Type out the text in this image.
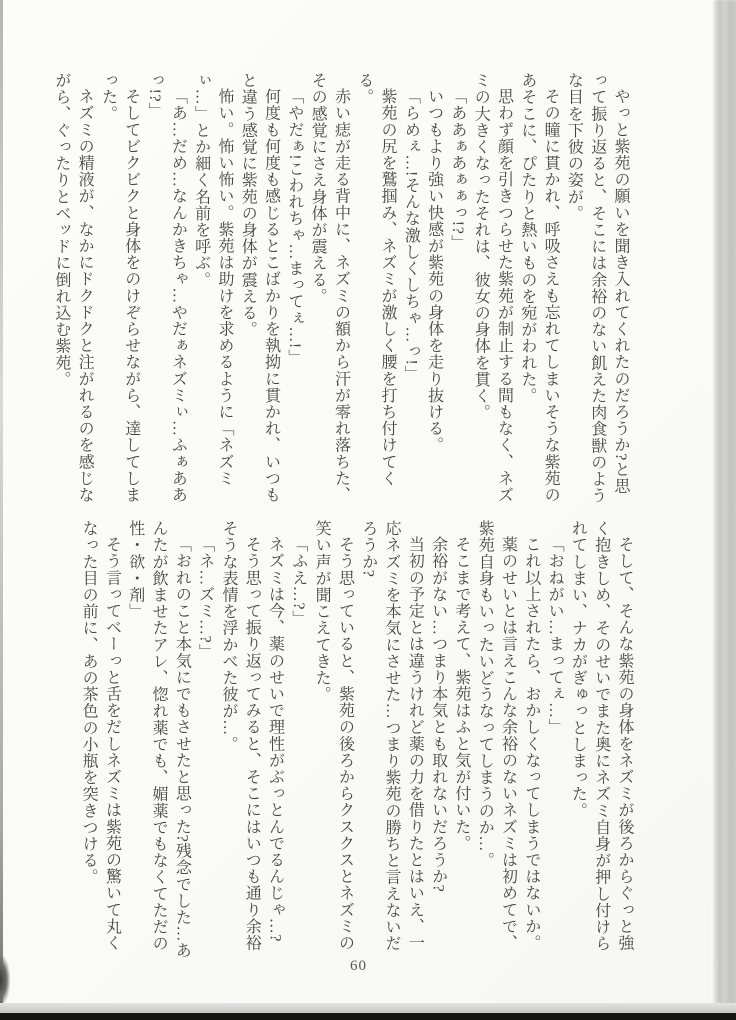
やっと紫苑の願いを聞き入れてくれたのだろうか?と思って振り返ると、そこには余裕のない飢えた肉食獣のような目を下彼の姿が。

その瞳に貫かれ、呼吸さえも忘れてしまいそうな紫苑のあそこに、ぴたりと熱いものを宛がわれた。

思わず顔を引きつらせた紫苑が制止する間もなく、ネズミの大きくなったそれは、彼女の身体を貫く。

「ああぁあぁぁっ!?」

いつもより強い快感が紫苑の身体を走り抜ける。

「らめぇ…!そんな激しくしちゃ…っ!」

紫苑の尻を鷲掴み、ネズミが激しく腰を打ち付けてくる。

赤い痣が走る背中に、ネズミの額から汗が零れ落ちた、その感覚にさえ身体が震える。

「やだぁ!こわれちゃ…まってぇ…!」

何度も何度も感じるとこばかりを執拗に貫かれ、いつもと違う感覚に紫苑の身体が震える。

怖い。怖い怖い。紫苑は助けを求めるように「ネズミぃ…」とか細く名前を呼ぶ。

「あ…だめ…なんかきちゃ…やだぁネズミぃ…ふぁああっ!?」

そしてビクビクと身体をのけぞらせながら、達してしまった。

ネズミの精液が、なかにドクドクと注がれるのを感じながら、ぐったりとベッドに倒れ込む紫苑。

そして、そんな紫苑の身体をネズミが後ろからぐっと強く抱きしめ、そのせいでまた奥にネズミ自身が押し付けられてしまい、ナカがぎゅっとしまった。

「おねがい…まってぇ…」

これ以上されたら、おかしくなってしまうではないか。

薬のせいとは言えこんな余裕のないネズミは初めてで、紫苑自身もいったいどうなってしまうのか…。

そこまで考えて、紫苑はふと気が付いた。

余裕がない…つまり本気とも取れないだろうか?

当初の予定とは違うけれど薬の力を借りたとはいえ、一応ネズミを本気にさせた…つまり紫苑の勝ちと言えないだろうか?

そう思っていると、紫苑の後ろからクスクスとネズミの笑い声が聞こえてきた。

「ふえ…?」

ネズミは今、薬のせいで理性がぶっとんでるんじゃ…?

そう思って振り返ってみると、そこにはいつも通り余裕そうな表情を浮かべた彼が…。

「ネ…ズミ…?」

「おれのこと本気にでもさせたと思った?残念でした…あんたが飲ませたアレ、惚れ薬でも、媚薬でもなくてただの性・欲・剤」

そう言ってベーっと舌をだしネズミは紫苑の驚いて丸くなった目の前に、あの茶色の小瓶を突きつける。

60
